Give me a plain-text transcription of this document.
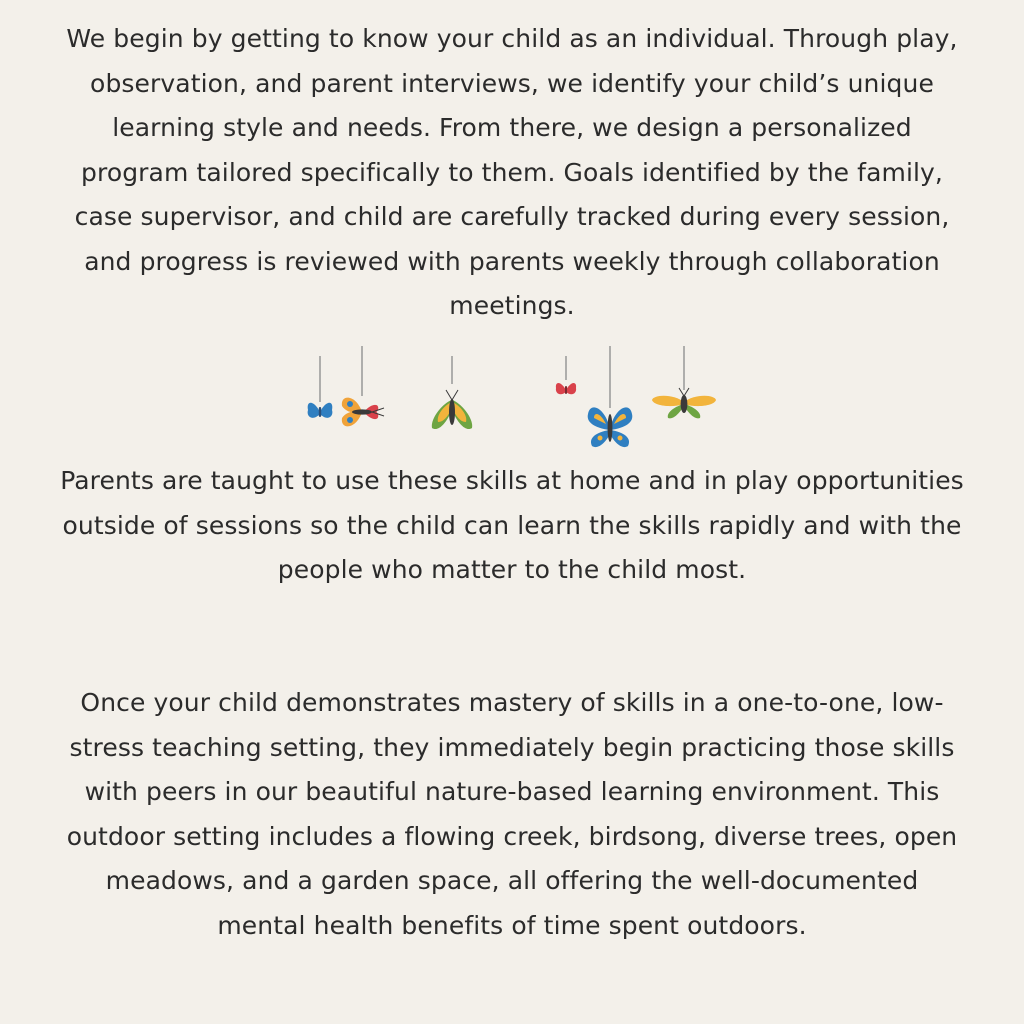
We begin by getting to know your child as an individual. Through play, observation, and parent interviews, we identify your child’s unique learning style and needs. From there, we design a personalized program tailored specifically to them. Goals identified by the family, case supervisor, and child are carefully tracked during every session, and progress is reviewed with parents weekly through collaboration meetings.

Parents are taught to use these skills at home and in play opportunities outside of sessions so the child can learn the skills rapidly and with the people who matter to the child most.

Once your child demonstrates mastery of skills in a one-to-one, low-stress teaching setting, they immediately begin practicing those skills with peers in our beautiful nature-based learning environment. This outdoor setting includes a flowing creek, birdsong, diverse trees, open meadows, and a garden space, all offering the well-documented mental health benefits of time spent outdoors.
